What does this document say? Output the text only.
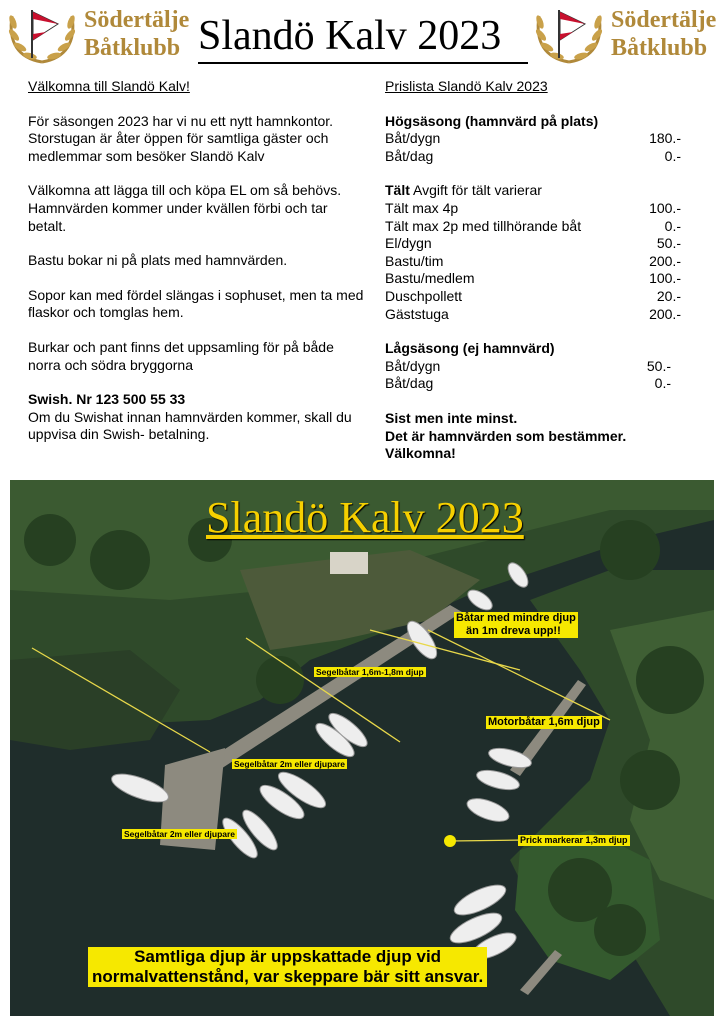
Södertälje
Båtklubb Slandö Kalv 2023	Södertälje
Båtklubb

Välkomna till Slandö Kalv!

För säsongen 2023 har vi nu ett nytt hamnkontor. Storstugan är åter öppen för samtliga gäster och medlemmar som besöker Slandö Kalv

Välkomna att lägga till och köpa EL om så behövs. Hamnvärden kommer under kvällen förbi och tar betalt.

Bastu bokar ni på plats med hamnvärden.

Sopor kan med fördel slängas i sophuset, men ta med flaskor och tomglas hem.

Burkar och pant finns det uppsamling för på både norra och södra bryggorna

Swish. Nr 123 500 55 33
Om du Swishat innan hamnvärden kommer, skall du uppvisa din Swish- betalning.

Prislista Slandö Kalv 2023

Högsäsong (hamnvärd på plats)
Båt/dygn	180.-
Båt/dag	0.-
Tält Avgift för tält varierar
Tält max 4p	100.-
Tält max 2p med tillhörande båt	0.-
El/dygn	50.-
Bastu/tim	200.-
Bastu/medlem	100.-
Duschpollett	20.-
Gäststuga	200.-
Lågsäsong (ej hamnvärd)
Båt/dygn	50.-
Båt/dag	0.-
Sist men inte minst.
Det är hamnvärden som bestämmer.
Välkomna!
Slandö Kalv 2023
Båtar med mindre djup
än 1m dreva upp!!
Segelbåtar 1,6m-1,8m djup
Motorbåtar 1,6m djup
Segelbåtar 2m eller djupare
Segelbåtar 2m eller djupare
Prick markerar 1,3m djup
Samtliga djup är uppskattade djup vid
normalvattenstånd, var skeppare bär sitt ansvar.
